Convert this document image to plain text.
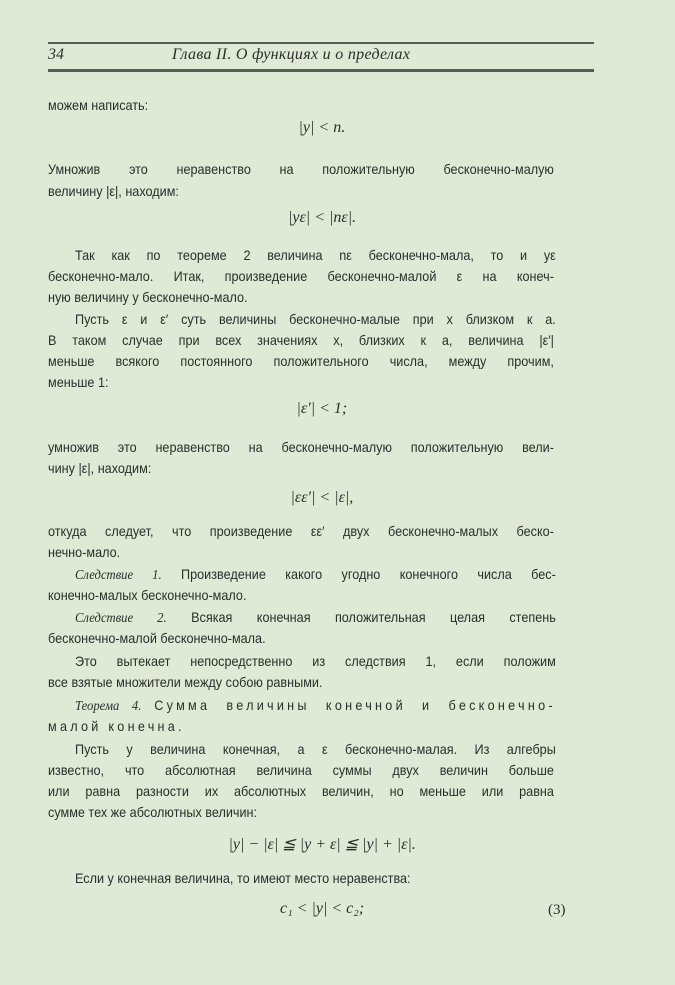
34	Глава II. О функциях и о пределах
можем написать:
|y| < n.
Умножив это неравенство на положительную бесконечно-малую
величину |ε|, находим:
|yε| < |nε|.
Так как по теореме 2 величина nε бесконечно-мала, то и yε
бесконечно-мало. Итак, произведение бесконечно-малой ε на конеч-
ную величину y бесконечно-мало.
Пусть ε и ε′ суть величины бесконечно-малые при x близком к a.
В таком случае при всех значениях x, близких к a, величина |ε′|
меньше всякого постоянного положительного числа, между прочим,
меньше 1:
|ε′| < 1;
умножив это неравенство на бесконечно-малую положительную вели-
чину |ε|, находим:
|εε′| < |ε|,
откуда следует, что произведение εε′ двух бесконечно-малых беско-
нечно-мало.
Следствие 1. Произведение какого угодно конечного числа бес-
конечно-малых бесконечно-мало.
Следствие 2. Всякая конечная положительная целая степень
бесконечно-малой бесконечно-мала.
Это вытекает непосредственно из следствия 1, если положим
все взятые множители между собою равными.
Теорема 4. Сумма величины конечной и бесконечно-
малой конечна.
Пусть y величина конечная, а ε бесконечно-малая. Из алгебры
известно, что абсолютная величина суммы двух величин больше
или равна разности их абсолютных величин, но меньше или равна
сумме тех же абсолютных величин:
|y| − |ε| ≦ |y + ε| ≦ |y| + |ε|.
Если y конечная величина, то имеют место неравенства:
c₁ < |y| < c₂;	(3)
